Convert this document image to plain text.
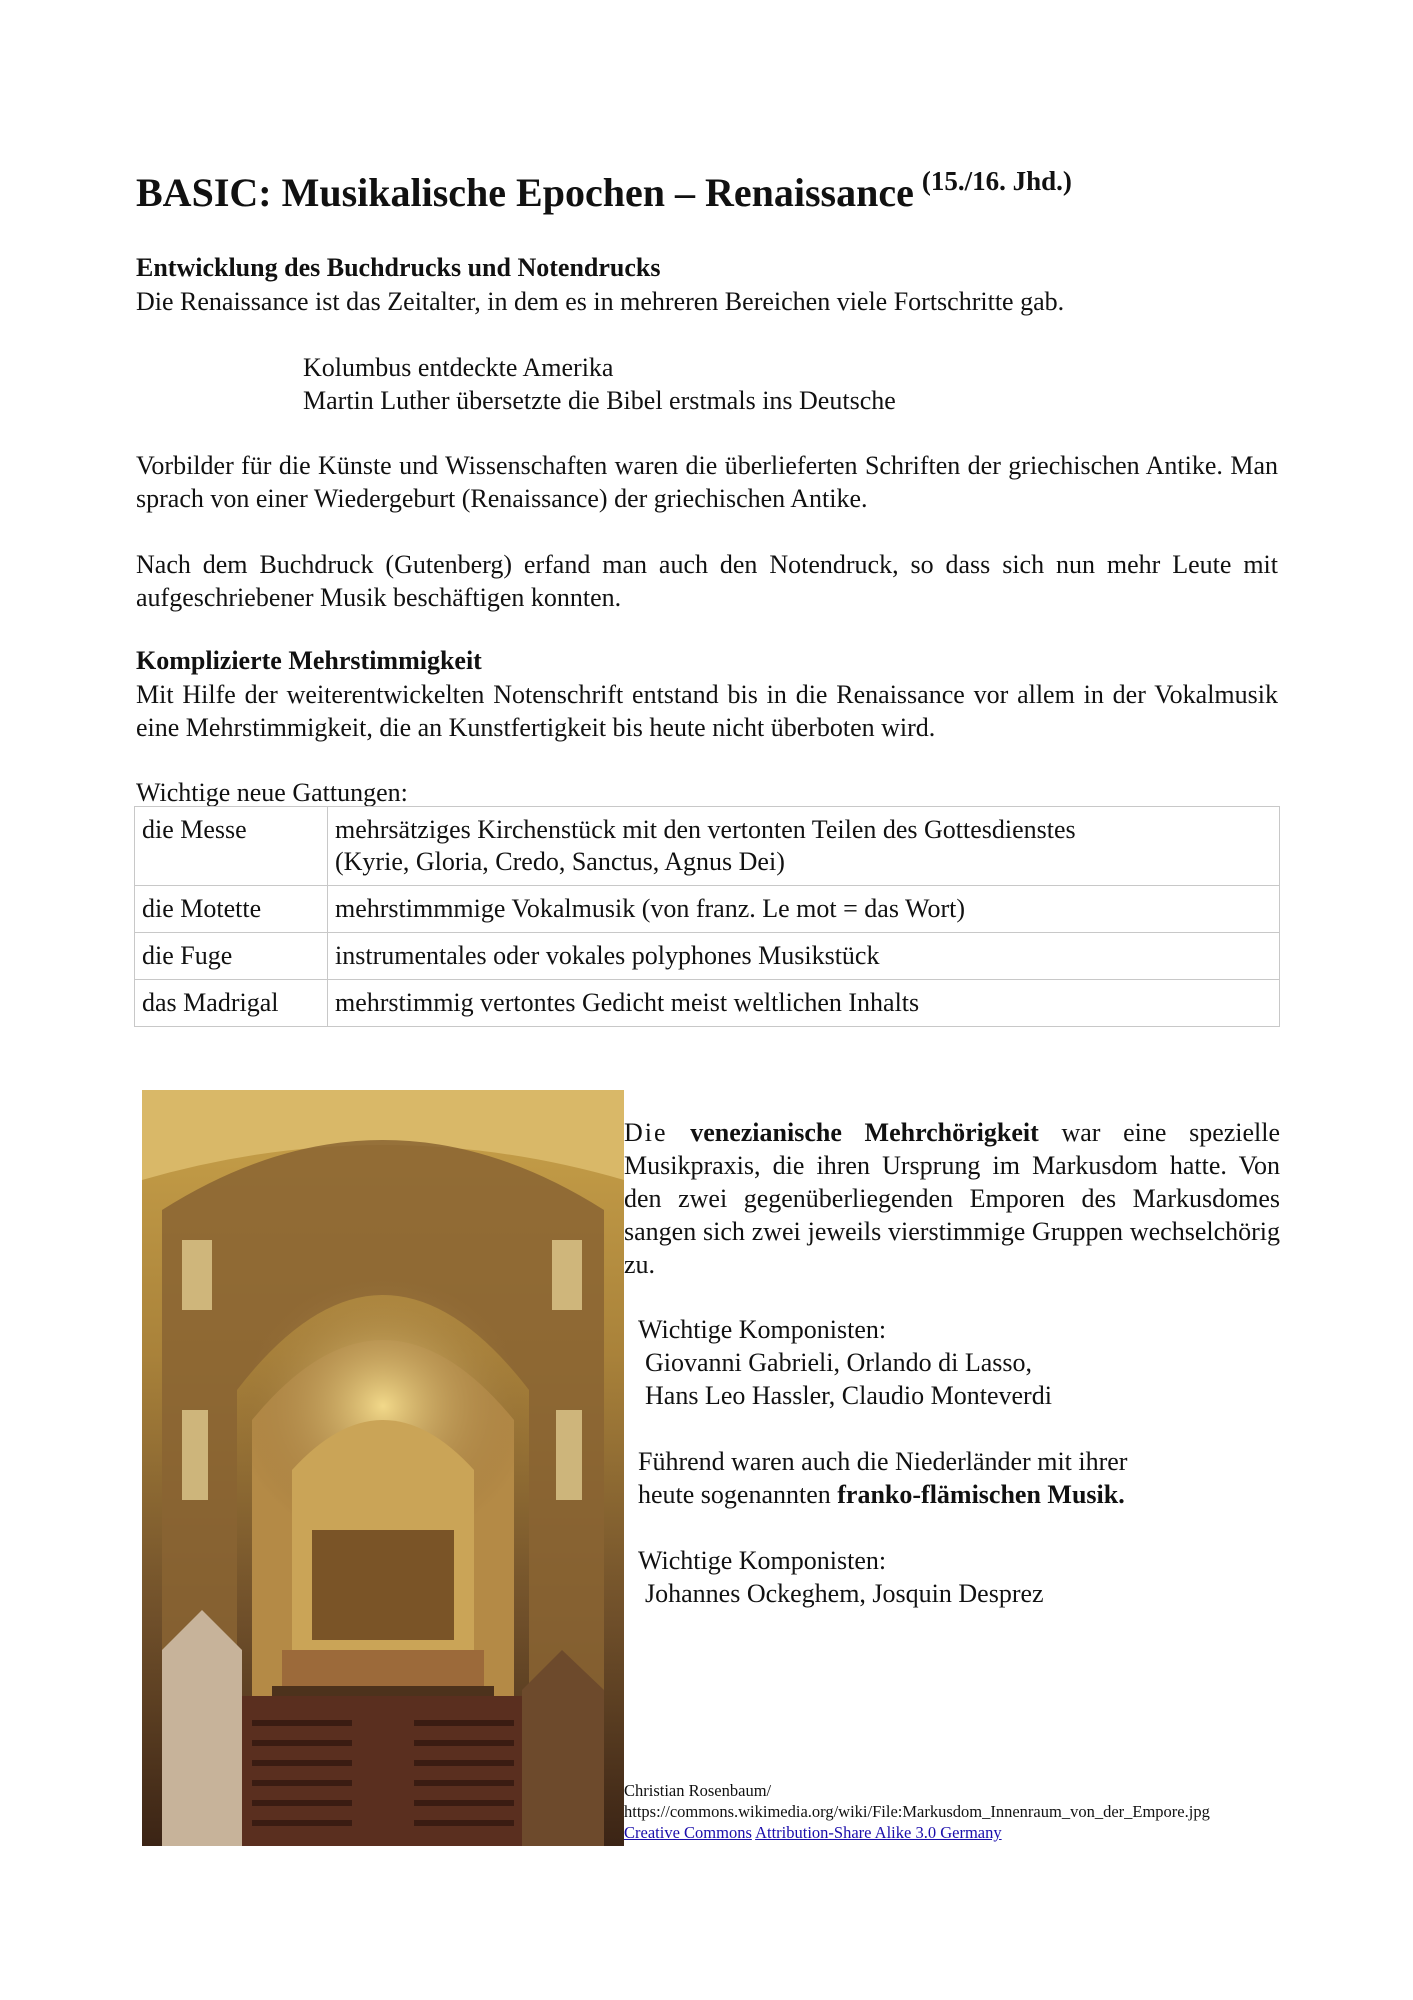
BASIC: Musikalische Epochen – Renaissance $^{(15./16. Jhd.)}$
Entwicklung des Buchdrucks und Notendrucks
Die Renaissance ist das Zeitalter, in dem es in mehreren Bereichen viele Fortschritte gab.
Kolumbus entdeckte Amerika
Martin Luther übersetzte die Bibel erstmals ins Deutsche
Vorbilder für die Künste und Wissenschaften waren die überlieferten Schriften der griechischen Antike. Man sprach von einer Wiedergeburt (Renaissance) der griechischen Antike.
Nach dem Buchdruck (Gutenberg) erfand man auch den Notendruck, so dass sich nun mehr Leute mit aufgeschriebener Musik beschäftigen konnten.
Komplizierte Mehrstimmigkeit
Mit Hilfe der weiterentwickelten Notenschrift entstand bis in die Renaissance vor allem in der Vokalmusik eine Mehrstimmigkeit, die an Kunstfertigkeit bis heute nicht überboten wird.
Wichtige neue Gattungen:
die Messe	mehrsätziges Kirchenstück mit den vertonten Teilen des Gottesdienstes
(Kyrie, Gloria, Credo, Sanctus, Agnus Dei)

die Motette	mehrstimmmige Vokalmusik (von franz. Le mot = das Wort)
die Fuge	instrumentales oder vokales polyphones Musikstück
das Madrigal	mehrstimmig vertontes Gedicht meist weltlichen Inhalts
Die venezianische Mehrchörigkeit war eine spezielle Musikpraxis, die ihren Ursprung im Markusdom hatte. Von den zwei gegenüberliegenden Emporen des Markusdomes sangen sich zwei jeweils vierstimmige Gruppen wechselchörig zu.
Wichtige Komponisten:
Giovanni Gabrieli, Orlando di Lasso,
Hans Leo Hassler, Claudio Monteverdi
Führend waren auch die Niederländer mit ihrer
heute sogenannten franko-flämischen Musik.
Wichtige Komponisten:
Johannes Ockeghem, Josquin Desprez
Christian Rosenbaum/
https://commons.wikimedia.org/wiki/File:Markusdom_Innenraum_von_der_Empore.jpg
Creative Commons Attribution-Share Alike 3.0 Germany
